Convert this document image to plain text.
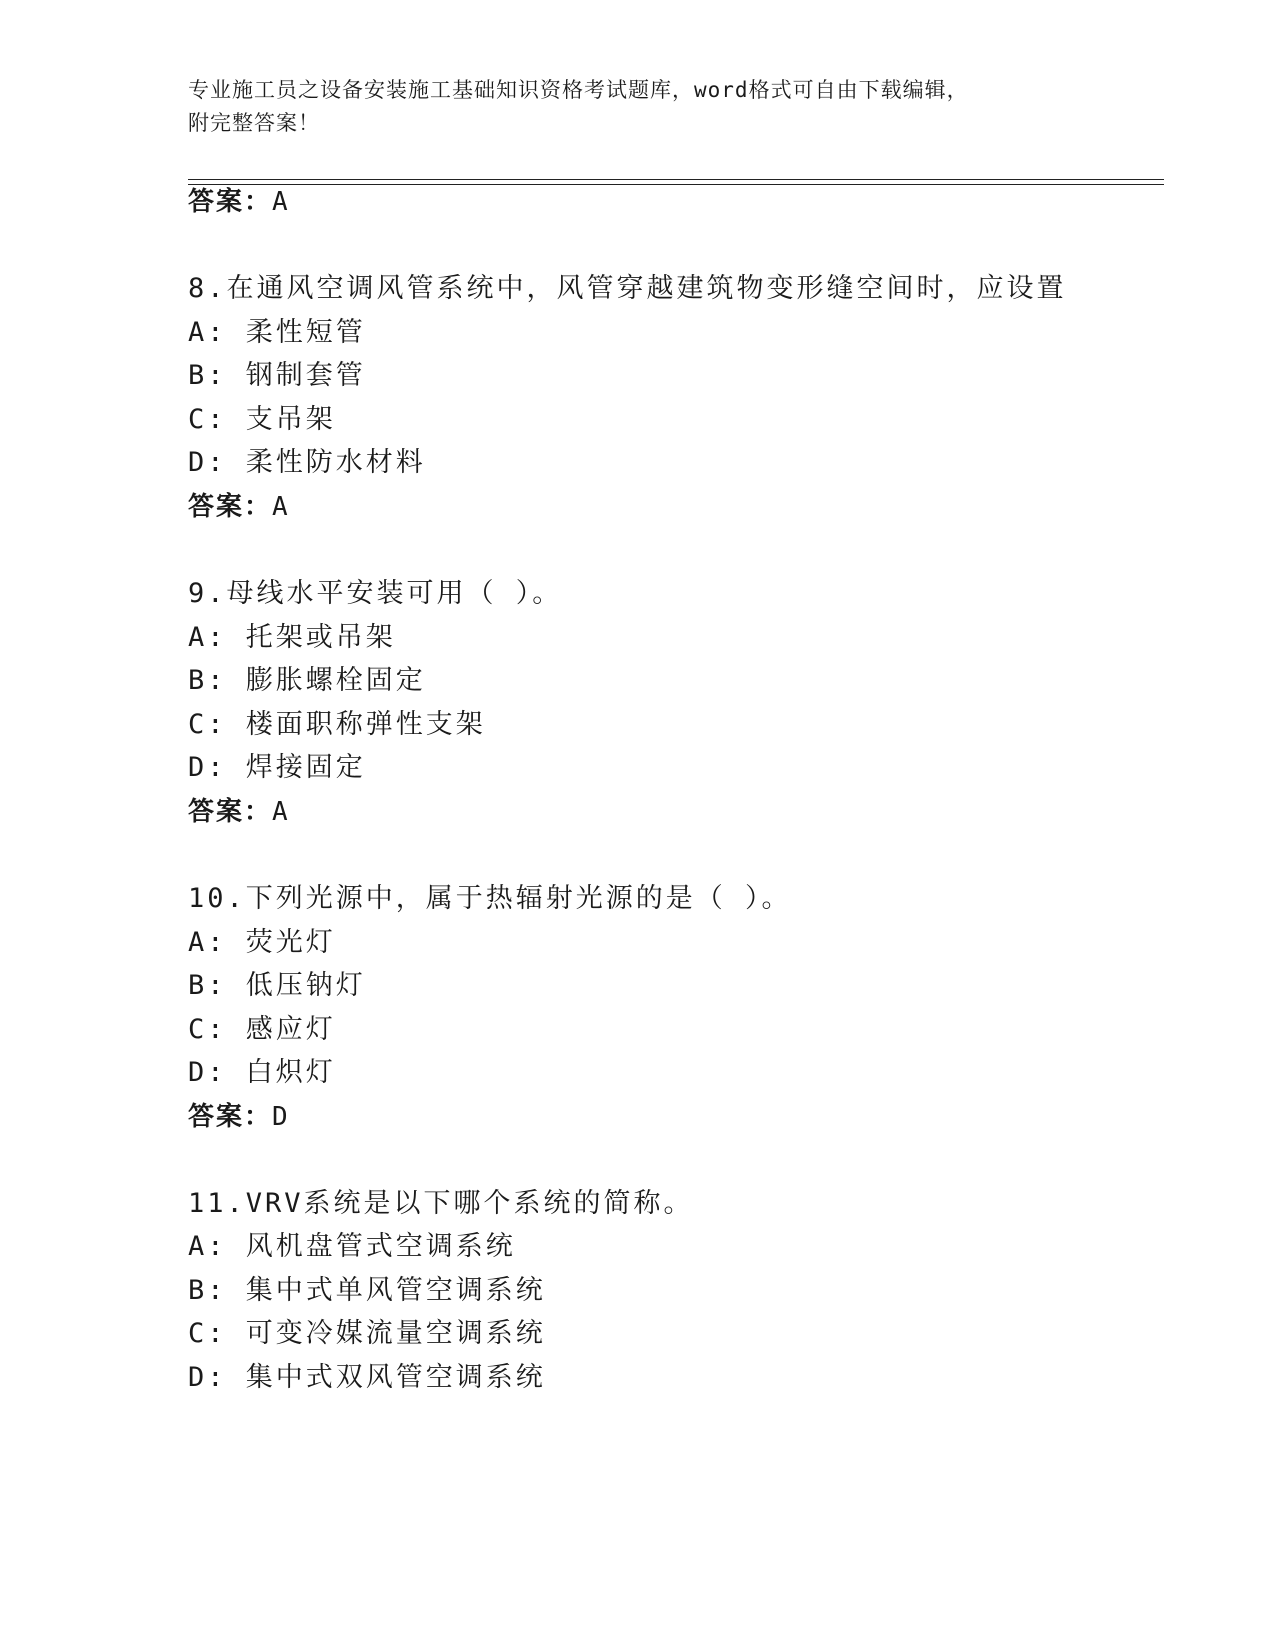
专业施工员之设备安装施工基础知识资格考试题库，word格式可自由下载编辑，
附完整答案！
答案：A
8.在通风空调风管系统中，风管穿越建筑物变形缝空间时，应设置
A: 柔性短管
B: 钢制套管
C: 支吊架
D: 柔性防水材料
答案：A
9.母线水平安装可用（ ）。
A: 托架或吊架
B: 膨胀螺栓固定
C: 楼面职称弹性支架
D: 焊接固定
答案：A
10.下列光源中，属于热辐射光源的是（ ）。
A: 荧光灯
B: 低压钠灯
C: 感应灯
D: 白炽灯
答案：D
11.VRV系统是以下哪个系统的简称。
A: 风机盘管式空调系统
B: 集中式单风管空调系统
C: 可变冷媒流量空调系统
D: 集中式双风管空调系统
